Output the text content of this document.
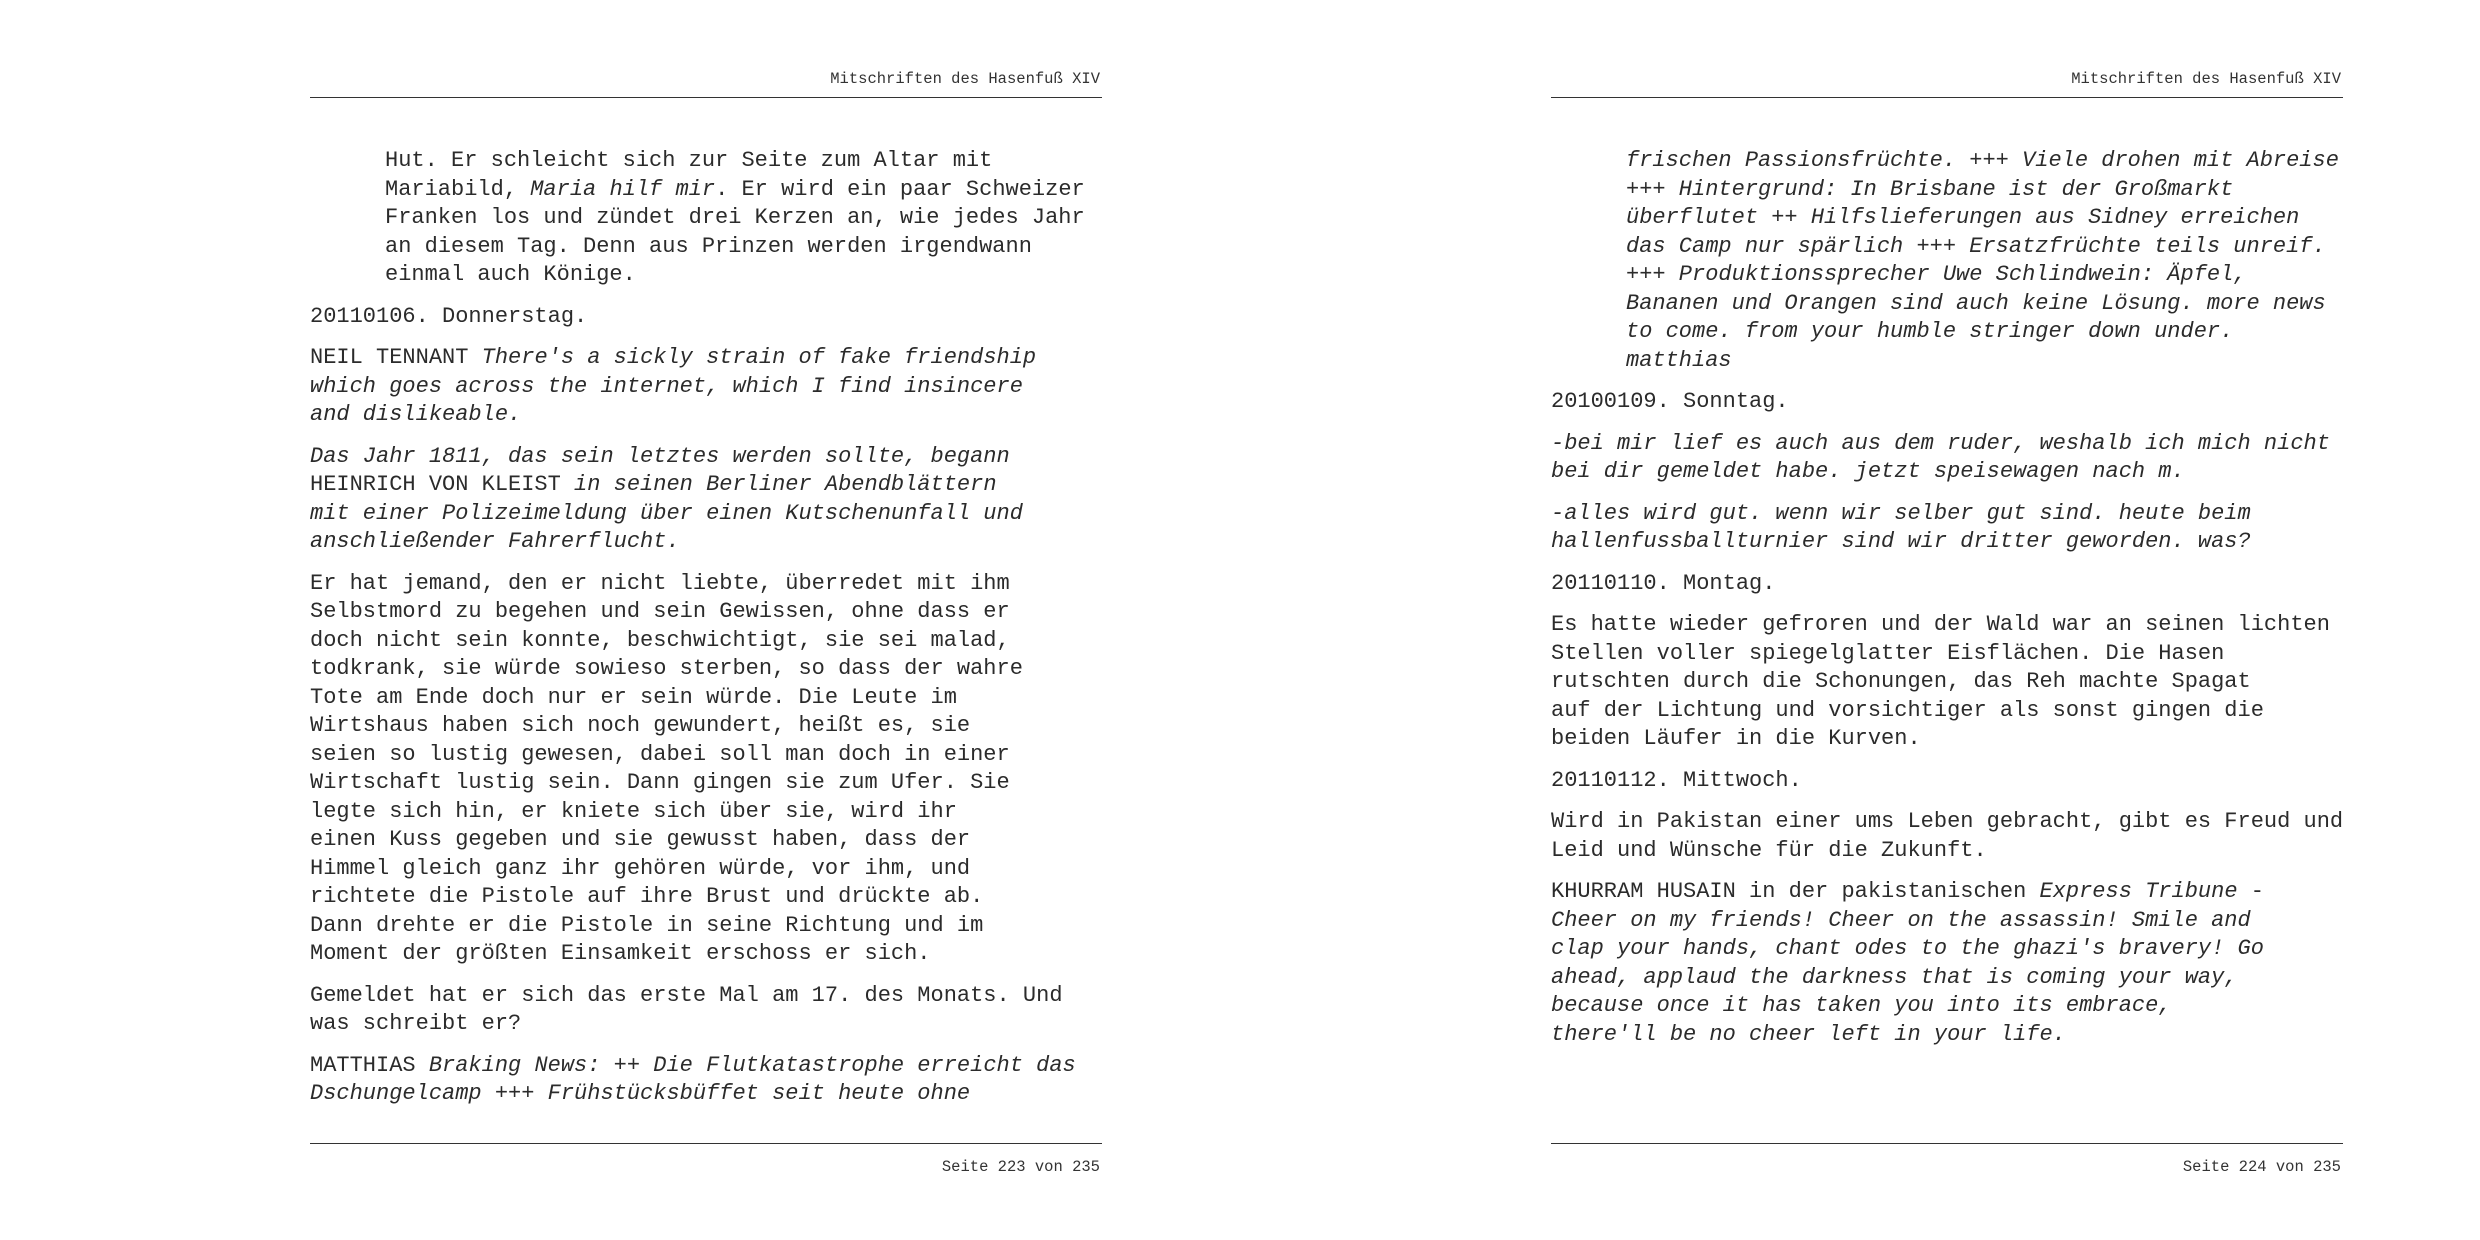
Mitschriften des Hasenfuß XIV
Hut. Er schleicht sich zur Seite zum Altar mit
Mariabild, Maria hilf mir. Er wird ein paar Schweizer
Franken los und zündet drei Kerzen an, wie jedes Jahr
an diesem Tag. Denn aus Prinzen werden irgendwann
einmal auch Könige.
20110106. Donnerstag.
NEIL TENNANT There's a sickly strain of fake friendship
which goes across the internet, which I find insincere
and dislikeable.
Das Jahr 1811, das sein letztes werden sollte, begann
HEINRICH VON KLEIST in seinen Berliner Abendblättern
mit einer Polizeimeldung über einen Kutschenunfall und
anschließender Fahrerflucht.
Er hat jemand, den er nicht liebte, überredet mit ihm
Selbstmord zu begehen und sein Gewissen, ohne dass er
doch nicht sein konnte, beschwichtigt, sie sei malad,
todkrank, sie würde sowieso sterben, so dass der wahre
Tote am Ende doch nur er sein würde. Die Leute im
Wirtshaus haben sich noch gewundert, heißt es, sie
seien so lustig gewesen, dabei soll man doch in einer
Wirtschaft lustig sein. Dann gingen sie zum Ufer. Sie
legte sich hin, er kniete sich über sie, wird ihr
einen Kuss gegeben und sie gewusst haben, dass der
Himmel gleich ganz ihr gehören würde, vor ihm, und
richtete die Pistole auf ihre Brust und drückte ab.
Dann drehte er die Pistole in seine Richtung und im
Moment der größten Einsamkeit erschoss er sich.
Gemeldet hat er sich das erste Mal am 17. des Monats. Und
was schreibt er?
MATTHIAS Braking News: ++ Die Flutkatastrophe erreicht das
Dschungelcamp +++ Frühstücksbüffet seit heute ohne
Seite 223 von 235
Mitschriften des Hasenfuß XIV
frischen Passionsfrüchte. +++ Viele drohen mit Abreise
+++ Hintergrund: In Brisbane ist der Großmarkt
überflutet ++ Hilfslieferungen aus Sidney erreichen
das Camp nur spärlich +++ Ersatzfrüchte teils unreif.
+++ Produktionssprecher Uwe Schlindwein: Äpfel,
Bananen und Orangen sind auch keine Lösung. more news
to come. from your humble stringer down under.
matthias
20100109. Sonntag.
-bei mir lief es auch aus dem ruder, weshalb ich mich nicht
bei dir gemeldet habe. jetzt speisewagen nach m.
-alles wird gut. wenn wir selber gut sind. heute beim
hallenfussballturnier sind wir dritter geworden. was?
20110110. Montag.
Es hatte wieder gefroren und der Wald war an seinen lichten
Stellen voller spiegelglatter Eisflächen. Die Hasen
rutschten durch die Schonungen, das Reh machte Spagat
auf der Lichtung und vorsichtiger als sonst gingen die
beiden Läufer in die Kurven.
20110112. Mittwoch.
Wird in Pakistan einer ums Leben gebracht, gibt es Freud und
Leid und Wünsche für die Zukunft.
KHURRAM HUSAIN in der pakistanischen Express Tribune -
Cheer on my friends! Cheer on the assassin! Smile and
clap your hands, chant odes to the ghazi's bravery! Go
ahead, applaud the darkness that is coming your way,
because once it has taken you into its embrace,
there'll be no cheer left in your life.
Seite 224 von 235
